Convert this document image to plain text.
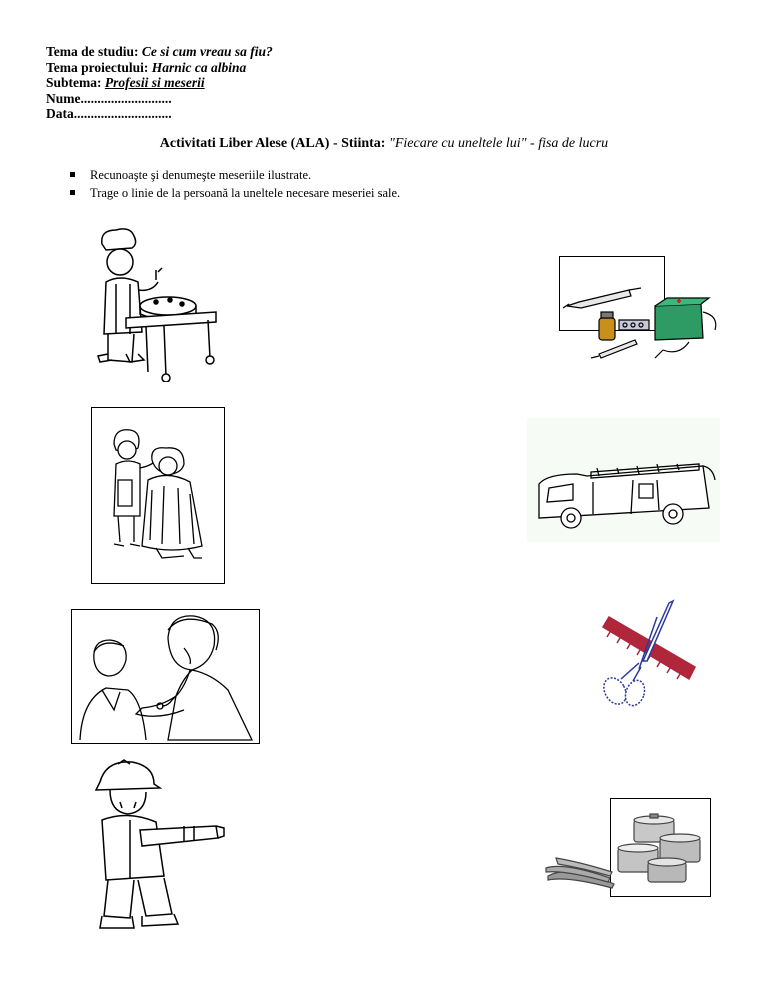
Tema de studiu: Ce si cum vreau sa fiu?
Tema proiectului: Harnic ca albina
Subtema: Profesii si meserii
Nume...........................
Data.............................
Activitati Liber Alese (ALA) - Stiinta: "Fiecare cu uneltele lui" - fisa de lucru
Recunoaşte şi denumeşte meseriile ilustrate.
Trage o linie de la persoană la uneltele necesare meseriei sale.
